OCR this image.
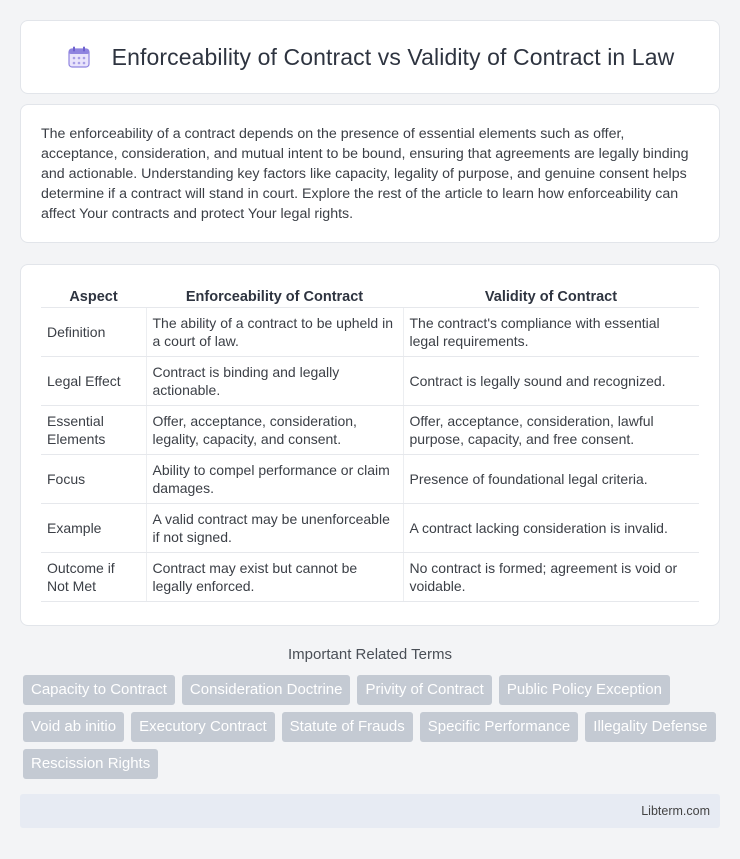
Enforceability of Contract vs Validity of Contract in Law

The enforceability of a contract depends on the presence of essential elements such as offer, acceptance, consideration, and mutual intent to be bound, ensuring that agreements are legally binding and actionable. Understanding key factors like capacity, legality of purpose, and genuine consent helps determine if a contract will stand in court. Explore the rest of the article to learn how enforceability can affect Your contracts and protect Your legal rights.

Aspect	Enforceability of Contract	Validity of Contract
Definition	The ability of a contract to be upheld in a court of law.	The contract's compliance with essential legal requirements.
Legal Effect	Contract is binding and legally actionable.	Contract is legally sound and recognized.
Essential Elements	Offer, acceptance, consideration, legality, capacity, and consent.	Offer, acceptance, consideration, lawful purpose, capacity, and free consent.
Focus	Ability to compel performance or claim damages.	Presence of foundational legal criteria.
Example	A valid contract may be unenforceable if not signed.	A contract lacking consideration is invalid.
Outcome if Not Met	Contract may exist but cannot be legally enforced.	No contract is formed; agreement is void or voidable.
Important Related Terms
Capacity to Contract	Consideration Doctrine	Privity of Contract	Public Policy Exception
Void ab initio	Executory Contract	Statute of Frauds	Specific Performance	Illegality Defense
Rescission Rights
Libterm.com
